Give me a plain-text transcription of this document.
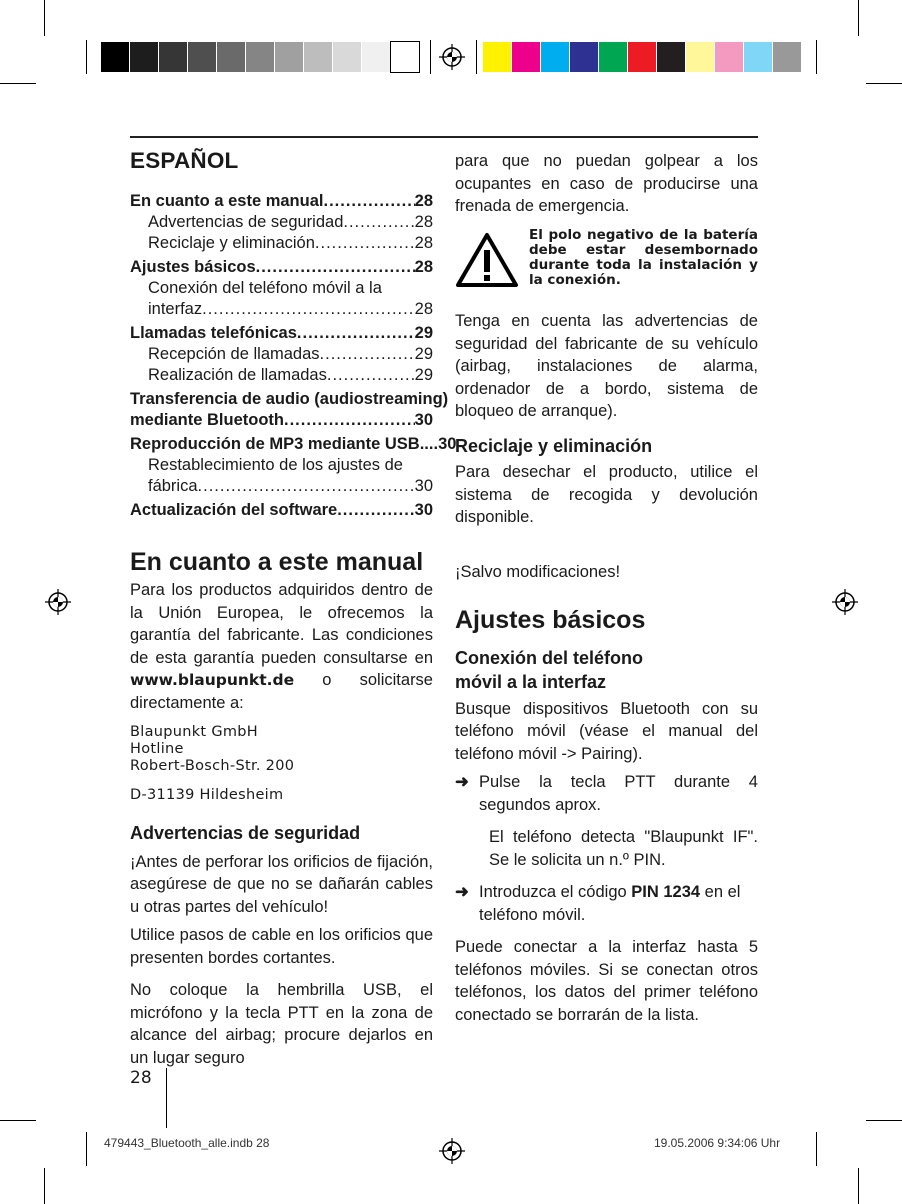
ESPAÑOL
En cuanto a este manual .....	28
Advertencias de seguridad .....	28
Reciclaje y eliminación .....	28
Ajustes básicos .....	28
Conexión del teléfono móvil a la
interfaz .....	28
Llamadas telefónicas .....	29
Recepción de llamadas .....	29
Realización de llamadas .....	29
Transferencia de audio (audiostreaming)
mediante Bluetooth .....	30
Reproducción de MP3 mediante USB.... 30
Restablecimiento de los ajustes de
fábrica .....	30
Actualización del software .....	30
En cuanto a este manual

Para los productos adquiridos dentro de la Unión Europea, le ofrecemos la garantía del fabricante. Las condiciones de esta garantía pueden consultarse en www.blaupunkt.de o solicitarse directamente a:

Blaupunkt GmbH
Hotline
Robert-Bosch-Str. 200
D-31139 Hildesheim
Advertencias de seguridad

¡Antes de perforar los orificios de fijación, asegúrese de que no se dañarán cables u otras partes del vehículo!

Utilice pasos de cable en los orificios que presenten bordes cortantes.

No coloque la hembrilla USB, el micrófono y la tecla PTT en la zona de alcance del airbag; procure dejarlos en un lugar seguro

28

para que no puedan golpear a los ocupantes en caso de producirse una frenada de emergencia.

El polo negativo de la batería debe estar desembornado durante toda la instalación y la conexión.

Tenga en cuenta las advertencias de seguridad del fabricante de su vehículo (airbag, instalaciones de alarma, ordenador de a bordo, sistema de bloqueo de arranque).

Reciclaje y eliminación

Para desechar el producto, utilice el sistema de recogida y devolución disponible.

¡Salvo modificaciones!

Ajustes básicos
Conexión del teléfono
móvil a la interfaz

Busque dispositivos Bluetooth con su teléfono móvil (véase el manual del teléfono móvil -> Pairing).

➜ Pulse la tecla PTT durante 4 segundos aprox.

El teléfono detecta "Blaupunkt IF". Se le solicita un n.º PIN.

➜ Introduzca el código PIN 1234 en el teléfono móvil.

Puede conectar a la interfaz hasta 5 teléfonos móviles. Si se conectan otros teléfonos, los datos del primer teléfono conectado se borrarán de la lista.

479443_Bluetooth_alle.indb 28	19.05.2006 9:34:06 Uhr
